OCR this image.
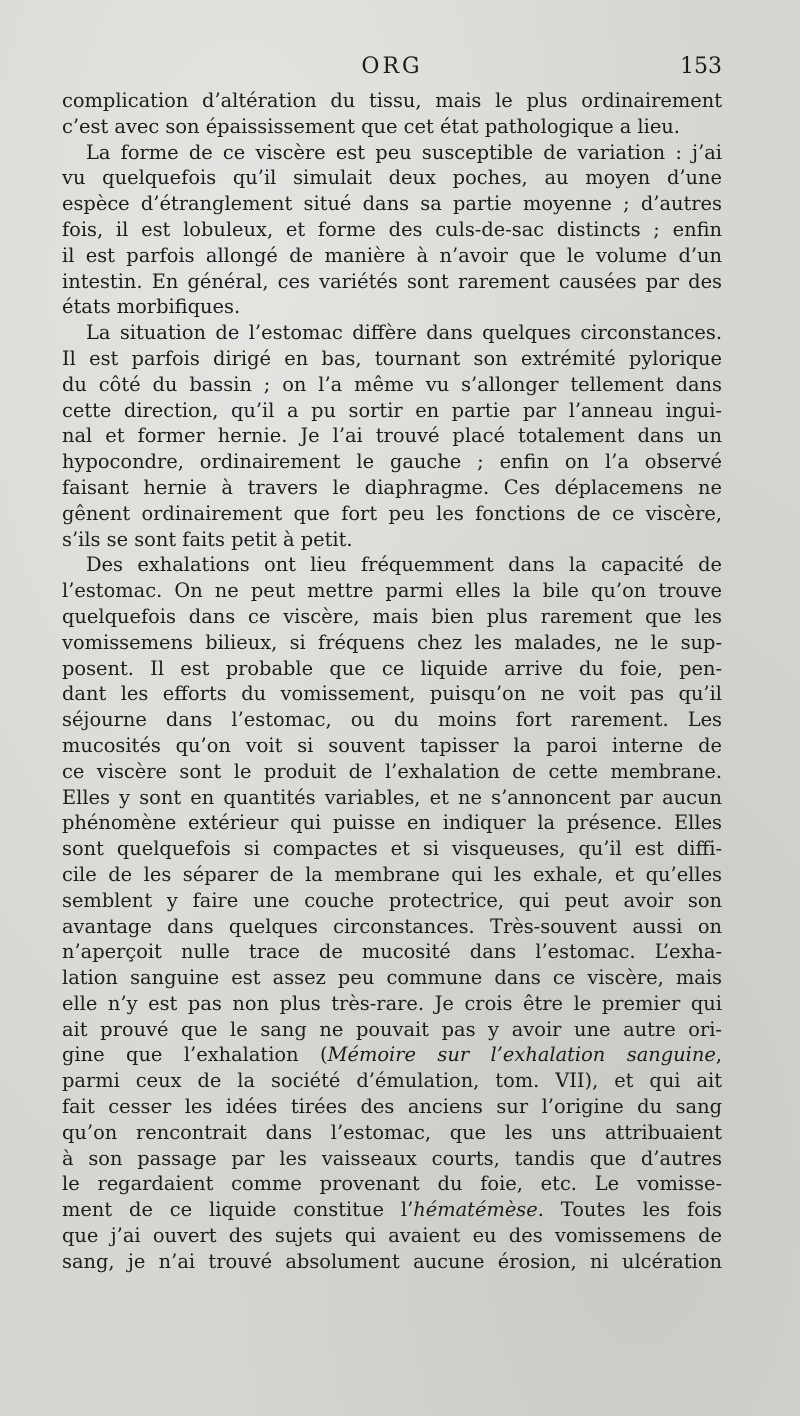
ORG	153
complication d’altération du tissu, mais le plus ordinairement
c’est avec son épaississement que cet état pathologique a lieu.
La forme de ce viscère est peu susceptible de variation : j’ai
vu quelquefois qu’il simulait deux poches, au moyen d’une
espèce d’étranglement situé dans sa partie moyenne ; d’autres
fois, il est lobuleux, et forme des culs-de-sac distincts ; enfin
il est parfois allongé de manière à n’avoir que le volume d’un
intestin. En général, ces variétés sont rarement causées par des
états morbifiques.
La situation de l’estomac diffère dans quelques circonstances.
Il est parfois dirigé en bas, tournant son extrémité pylorique
du côté du bassin ; on l’a même vu s’allonger tellement dans
cette direction, qu’il a pu sortir en partie par l’anneau ingui-
nal et former hernie. Je l’ai trouvé placé totalement dans un
hypocondre, ordinairement le gauche ; enfin on l’a observé
faisant hernie à travers le diaphragme. Ces déplacemens ne
gênent ordinairement que fort peu les fonctions de ce viscère,
s’ils se sont faits petit à petit.
Des exhalations ont lieu fréquemment dans la capacité de
l’estomac. On ne peut mettre parmi elles la bile qu’on trouve
quelquefois dans ce viscère, mais bien plus rarement que les
vomissemens bilieux, si fréquens chez les malades, ne le sup-
posent. Il est probable que ce liquide arrive du foie, pen-
dant les efforts du vomissement, puisqu’on ne voit pas qu’il
séjourne dans l’estomac, ou du moins fort rarement. Les
mucosités qu’on voit si souvent tapisser la paroi interne de
ce viscère sont le produit de l’exhalation de cette membrane.
Elles y sont en quantités variables, et ne s’annoncent par aucun
phénomène extérieur qui puisse en indiquer la présence. Elles
sont quelquefois si compactes et si visqueuses, qu’il est diffi-
cile de les séparer de la membrane qui les exhale, et qu’elles
semblent y faire une couche protectrice, qui peut avoir son
avantage dans quelques circonstances. Très-souvent aussi on
n’aperçoit nulle trace de mucosité dans l’estomac. L’exha-
lation sanguine est assez peu commune dans ce viscère, mais
elle n’y est pas non plus très-rare. Je crois être le premier qui
ait prouvé que le sang ne pouvait pas y avoir une autre ori-
gine que l’exhalation (Mémoire sur l’exhalation sanguine,
parmi ceux de la société d’émulation, tom. VII), et qui ait
fait cesser les idées tirées des anciens sur l’origine du sang
qu’on rencontrait dans l’estomac, que les uns attribuaient
à son passage par les vaisseaux courts, tandis que d’autres
le regardaient comme provenant du foie, etc. Le vomisse-
ment de ce liquide constitue l’hématémèse. Toutes les fois
que j’ai ouvert des sujets qui avaient eu des vomissemens de
sang, je n’ai trouvé absolument aucune érosion, ni ulcération
